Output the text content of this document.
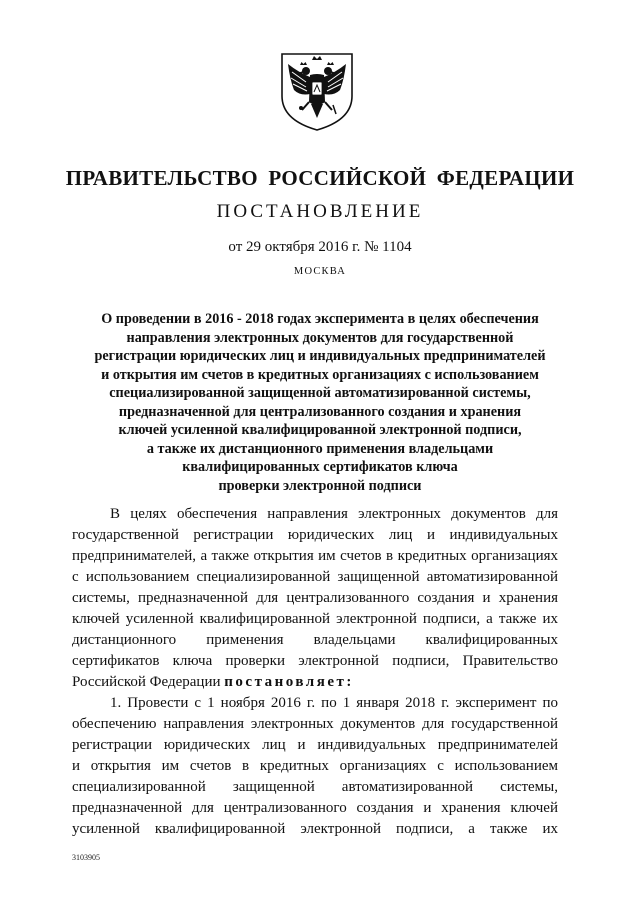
ПРАВИТЕЛЬСТВО РОССИЙСКОЙ ФЕДЕРАЦИИ
ПОСТАНОВЛЕНИЕ
от 29 октября 2016 г. № 1104
МОСКВА
О проведении в 2016 - 2018 годах эксперимента в целях обеспечения
направления электронных документов для государственной
регистрации юридических лиц и индивидуальных предпринимателей
и открытия им счетов в кредитных организациях с использованием
специализированной защищенной автоматизированной системы,
предназначенной для централизованного создания и хранения
ключей усиленной квалифицированной электронной подписи,
а также их дистанционного применения владельцами
квалифицированных сертификатов ключа
проверки электронной подписи
В целях обеспечения направления электронных документов для
государственной регистрации юридических лиц и индивидуальных
предпринимателей, а также открытия им счетов в кредитных организациях
с использованием специализированной защищенной автоматизированной
системы, предназначенной для централизованного создания и хранения
ключей усиленной квалифицированной электронной подписи, а также их
дистанционного применения владельцами квалифицированных
сертификатов ключа проверки электронной подписи, Правительство
Российской Федерации постановляет:
1. Провести с 1 ноября 2016 г. по 1 января 2018 г. эксперимент по
обеспечению направления электронных документов для государственной
регистрации юридических лиц и индивидуальных предпринимателей
и открытия им счетов в кредитных организациях с использованием
специализированной защищенной автоматизированной системы,
предназначенной для централизованного создания и хранения ключей
усиленной квалифицированной электронной подписи, а также их
3103905
